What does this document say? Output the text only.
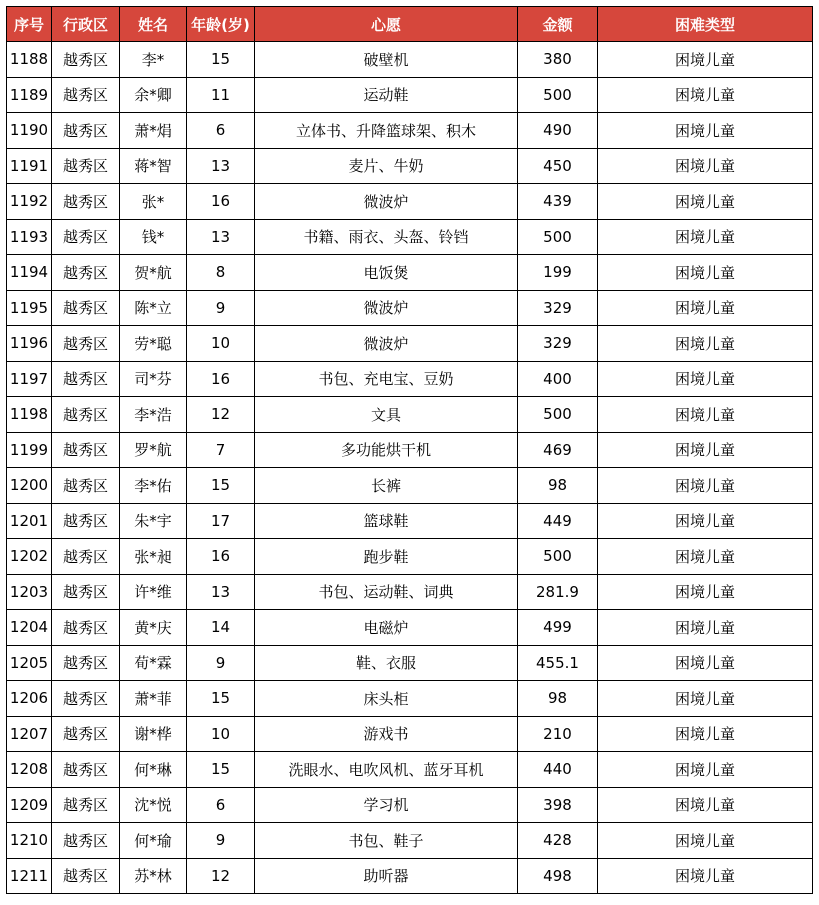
序号	行政区	姓名	年龄(岁)	心愿	金额	困难类型
1188	越秀区	李*	15	破壁机	380	困境儿童
1189	越秀区	余*卿	11	运动鞋	500	困境儿童
1190	越秀区	萧*焆	6	立体书、升降篮球架、积木	490	困境儿童
1191	越秀区	蒋*智	13	麦片、牛奶	450	困境儿童
1192	越秀区	张*	16	微波炉	439	困境儿童
1193	越秀区	钱*	13	书籍、雨衣、头盔、铃铛	500	困境儿童
1194	越秀区	贺*航	8	电饭煲	199	困境儿童
1195	越秀区	陈*立	9	微波炉	329	困境儿童
1196	越秀区	劳*聪	10	微波炉	329	困境儿童
1197	越秀区	司*芬	16	书包、充电宝、豆奶	400	困境儿童
1198	越秀区	李*浩	12	文具	500	困境儿童
1199	越秀区	罗*航	7	多功能烘干机	469	困境儿童
1200	越秀区	李*佑	15	长裤	98	困境儿童
1201	越秀区	朱*宇	17	篮球鞋	449	困境儿童
1202	越秀区	张*昶	16	跑步鞋	500	困境儿童
1203	越秀区	许*维	13	书包、运动鞋、词典	281.9	困境儿童
1204	越秀区	黄*庆	14	电磁炉	499	困境儿童
1205	越秀区	荀*霖	9	鞋、衣服	455.1	困境儿童
1206	越秀区	萧*菲	15	床头柜	98	困境儿童
1207	越秀区	谢*桦	10	游戏书	210	困境儿童
1208	越秀区	何*琳	15	洗眼水、电吹风机、蓝牙耳机	440	困境儿童
1209	越秀区	沈*悦	6	学习机	398	困境儿童
1210	越秀区	何*瑜	9	书包、鞋子	428	困境儿童
1211	越秀区	苏*林	12	助听器	498	困境儿童
